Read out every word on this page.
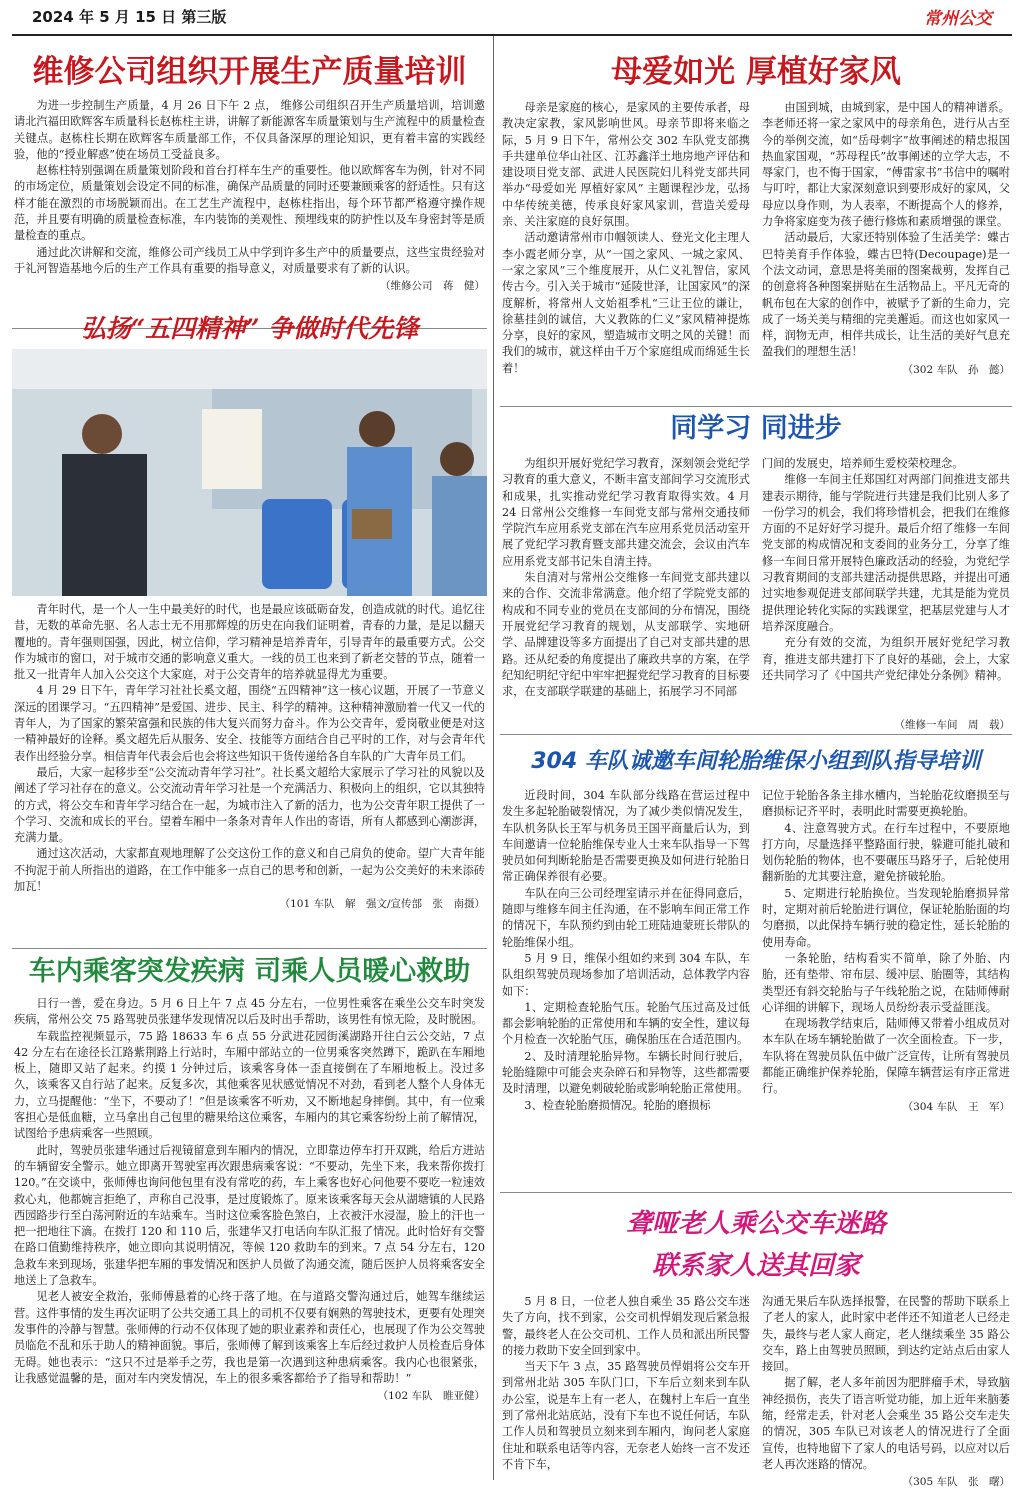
2024 年 5 月 15 日 第三版	常州公交
维修公司组织开展生产质量培训

为进一步控制生产质量，4 月 26 日下午 2 点， 维修公司组织召开生产质量培训，培训邀请北汽福田欧辉客车质量科长赵栋柱主讲，讲解了新能源客车质量策划与生产流程中的质量检查关键点。赵栋柱长期在欧辉客车质量部工作，不仅具备深厚的理论知识，更有着丰富的实践经验，他的“授业解惑”使在场员工受益良多。

赵栋柱特别强调在质量策划阶段和首台打样车生产的重要性。他以欧辉客车为例，针对不同的市场定位，质量策划会设定不同的标准，确保产品质量的同时还要兼顾乘客的舒适性。只有这样才能在激烈的市场脱颖而出。在工艺生产流程中，赵栋柱指出，每个环节都严格遵守操作规范，并且要有明确的质量检查标准，车内装饰的美观性、预埋线束的防护性以及车身密封等是质量检查的重点。

通过此次讲解和交流，维修公司产线员工从中学到许多生产中的质量要点，这些宝贵经验对于礼河智造基地今后的生产工作具有重要的指导意义，对质量要求有了新的认识。

（维修公司　蒋　健）
弘扬“五四精神” 争做时代先锋

青年时代，是一个人一生中最美好的时代，也是最应该砥砺奋发，创造成就的时代。追忆往昔，无数的革命先驱、名人志士无不用那辉煌的历史在向我们证明着，青春的力量，是足以翻天覆地的。青年强则国强，因此，树立信仰，学习精神是培养青年，引导青年的最重要方式。公交作为城市的窗口，对于城市交通的影响意义重大。一线的员工也来到了新老交替的节点，随着一批又一批青年人加入公交这个大家庭，对于公交青年的培养就显得尤为重要。

4 月 29 日下午，青年学习社社长奚文超，围绕“五四精神”这一核心议题，开展了一节意义深远的团课学习。“五四精神”是爱国、进步、民主、科学的精神。这种精神激励着一代又一代的青年人，为了国家的繁荣富强和民族的伟大复兴而努力奋斗。作为公交青年，爱岗敬业便是对这一精神最好的诠释。奚文超先后从服务、安全、技能等方面结合自己平时的工作，对与会青年代表作出经验分享。相信青年代表会后也会将这些知识干货传递给各自车队的广大青年员工们。

最后，大家一起移步至“公交流动青年学习社”。社长奚文超给大家展示了学习社的风貌以及阐述了学习社存在的意义。公交流动青年学习社是一个充满活力、积极向上的组织，它以其独特的方式，将公交车和青年学习结合在一起，为城市注入了新的活力，也为公交青年职工提供了一个学习、交流和成长的平台。望着车厢中一条条对青年人作出的寄语，所有人都感到心潮澎湃，充满力量。

通过这次活动，大家都直观地理解了公交这份工作的意义和自己肩负的使命。望广大青年能不拘泥于前人所指出的道路，在工作中能多一点自己的思考和创新，一起为公交美好的未来添砖加瓦！

（101 车队　解　强文/宣传部　张　南摄）
车内乘客突发疾病 司乘人员暖心救助

日行一善，爱在身边。5 月 6 日上午 7 点 45 分左右，一位男性乘客在乘坐公交车时突发疾病，常州公交 75 路驾驶员张建华发现情况以后及时出手帮助，该男性有惊无险，及时脱困。

车载监控视频显示，75 路 18633 车 6 点 55 分武进花园街溪湖路开往白云公交站，7 点 42 分左右在途径长江路紫荆路上行站时，车厢中部站立的一位男乘客突然蹲下，跪趴在车厢地板上，随即又站了起来。约摸 1 分钟过后，该乘客身体一歪直接倒在了车厢地板上。没过多久，该乘客又自行站了起来。反复多次，其他乘客见状感觉情况不对劲，看到老人整个人身体无力，立马提醒他：“坐下，不要动了！”但是该乘客不听劝，又不断地起身摔倒。其中，有一位乘客担心是低血糖，立马拿出自己包里的糖果给这位乘客，车厢内的其它乘客纷纷上前了解情况，试图给予患病乘客一些照顾。

此时，驾驶员张建华通过后视镜留意到车厢内的情况，立即靠边停车打开双跳，给后方进站的车辆留安全警示。她立即离开驾驶室再次跟患病乘客说：“不要动，先坐下来，我来帮你拨打 120。”在交谈中，张师傅也询问他包里有没有常吃的药，车上乘客也好心问他要不要吃一粒速效救心丸，他都婉言拒绝了，声称自己没事，是过度锻炼了。原来该乘客每天会从湖塘镇的人民路西园路步行至白荡河附近的车站乘车。当时这位乘客脸色煞白，上衣被汗水浸湿，脸上的汗也一把一把地往下滴。在拨打 120 和 110 后，张建华又打电话向车队汇报了情况。此时恰好有交警在路口值勤维持秩序，她立即向其说明情况，等候 120 救助车的到来。7 点 54 分左右，120 急救车来到现场，张建华把车厢的事发情况和医护人员做了沟通交流，随后医护人员将乘客安全地送上了急救车。

见老人被安全救治，张师傅悬着的心终于落了地。在与道路交警沟通过后，她驾车继续运营。这件事情的发生再次证明了公共交通工具上的司机不仅要有娴熟的驾驶技术，更要有处理突发事件的冷静与智慧。张师傅的行动不仅体现了她的职业素养和责任心，也展现了作为公交驾驶员临危不乱和乐于助人的精神面貌。事后，张师傅了解到该乘客上车后经过救护人员检查后身体无碍。她也表示：“这只不过是举手之劳，我也是第一次遇到这种患病乘客。我内心也很紧张，让我感觉温馨的是，面对车内突发情况，车上的很多乘客都给予了指导和帮助！”

（102 车队　睢亚健）
母爱如光 厚植好家风

母亲是家庭的核心，是家风的主要传承者，母教决定家教，家风影响世风。母亲节即将来临之际，5 月 9 日下午，常州公交 302 车队党支部携手共建单位华山社区、江苏鑫洋土地房地产评估和建设项目党支部、武进人民医院妇儿科党支部共同举办“母爱如光 厚植好家风” 主题课程沙龙，弘扬中华传统美德，传承良好家风家训，营造关爱母亲、关注家庭的良好氛围。

活动邀请常州市巾帼领读人、登光文化主理人李小霞老师分享，从“一国之家风、一城之家风、一家之家风”三个维度展开，从仁义礼智信，家风传古今。引入关于城市“延陵世泽，让国家风”的深度解析，将常州人文始祖季札“三让王位的谦让，徐墓挂剑的诚信，大义教陈的仁义”家风精神提炼分享，良好的家风，塑造城市文明之风的关键！而我们的城市，就这样由千万个家庭组成而绵延生长着！

由国到城，由城到家，是中国人的精神谱系。李老师还将一家之家风中的母亲角色，进行从古至今的举例交流，如“岳母刺字”故事阐述的精忠报国热血家国观，“苏母程氏”故事阐述的立学大志，不辱家门，也不悔于国家，“傅雷家书”书信中的嘱咐与叮咛，都让大家深刻意识到要形成好的家风，父母应以身作则，为人表率，不断提高个人的修养，力争将家庭变为孩子德行修炼和素质增强的课堂。

活动最后，大家还特别体验了生活美学：蝶古巴特美育手作体验，蝶古巴特(Decoupage)是一个法文动词，意思是将美丽的图案裁剪，发挥自己的创意将各种图案拼贴在生活物品上。平凡无奇的帆布包在大家的创作中，被赋予了新的生命力，完成了一场关美与精细的完美邂逅。而这也如家风一样，润物无声，相伴共成长，让生活的美好气息充盈我们的理想生活！

（302 车队　孙　懿）
同学习 同进步

为组织开展好党纪学习教育，深刻领会党纪学习教育的重大意义，不断丰富支部间学习交流形式和成果，扎实推动党纪学习教育取得实效。4 月 24 日常州公交维修一车间党支部与常州交通技师学院汽车应用系党支部在汽车应用系党员活动室开展了党纪学习教育暨支部共建交流会，会议由汽车应用系党支部书记朱自清主持。

朱自清对与常州公交维修一车间党支部共建以来的合作、交流非常满意。他介绍了学院党支部的构成和不同专业的党员在支部间的分布情况，围绕开展党纪学习教育的规划，从支部联学、实地研学、品牌建设等多方面提出了自己对支部共建的思路。还从纪委的角度提出了廉政共享的方案，在学纪知纪明纪守纪中牢牢把握党纪学习教育的目标要求，在支部联学联建的基础上，拓展学习不同部

门间的发展史，培养师生爱校荣校理念。

维修一车间主任郑国红对两部门间推进支部共建表示期待，能与学院进行共建是我们比别人多了一份学习的机会，我们将珍惜机会，把我们在维修方面的不足好好学习提升。最后介绍了维修一车间党支部的构成情况和支委间的业务分工，分享了维修一车间日常开展特色廉政活动的经验，为党纪学习教育期间的支部共建活动提供思路，并提出可通过实地参观促进支部间联学共建，尤其是能为党员提供理论转化实际的实践课堂，把基层党建与人才培养深度融合。

充分有效的交流，为组织开展好党纪学习教育，推进支部共建打下了良好的基础，会上，大家还共同学习了《中国共产党纪律处分条例》精神。

（维修一车间　周　载）
304 车队诚邀车间轮胎维保小组到队指导培训

近段时间，304 车队部分线路在营运过程中发生多起轮胎破裂情况，为了减少类似情况发生，车队机务队长王军与机务员王国平商量后认为，到车间邀请一位轮胎维保专业人士来车队指导一下驾驶员如何判断轮胎是否需要更换及如何进行轮胎日常正确保养很有必要。

车队在向三公司经理室请示并在征得同意后，随即与维修车间主任沟通，在不影响车间正常工作的情况下，车队预约到由轮工班陆迪蒙班长带队的轮胎维保小组。

5 月 9 日，维保小组如约来到 304 车队，车队组织驾驶员现场参加了培训活动，总体教学内容如下：

1、定期检查轮胎气压。轮胎气压过高及过低都会影响轮胎的正常使用和车辆的安全性，建议每个月检查一次轮胎气压，确保胎压在合适范围内。

2、及时清理轮胎异物。车辆长时间行驶后，轮胎缝隙中可能会夹杂碎石和异物等，这些都需要及时清理，以避免刺破轮胎或影响轮胎正常使用。

3、检查轮胎磨损情况。轮胎的磨损标

记位于轮胎各条主排水槽内，当轮胎花纹磨损至与磨损标记齐平时，表明此时需要更换轮胎。

4、注意驾驶方式。在行车过程中，不要原地打方向，尽量选择平整路面行驶，躲避可能扎破和划伤轮胎的物体，也不要碾压马路牙子，后轮使用翻新胎的尤其要注意，避免挤破轮胎。

5、定期进行轮胎换位。当发现轮胎磨损异常时，定期对前后轮胎进行调位，保证轮胎胎面的均匀磨损，以此保持车辆行驶的稳定性，延长轮胎的使用寿命。

一条轮胎，结构看实不简单，除了外胎、内胎，还有垫带、帘布层、缓冲层、胎圈等，其结构类型还有斜交轮胎与子午线轮胎之说，在陆师傅耐心详细的讲解下，现场人员纷纷表示受益匪浅。

在现场教学结束后，陆师傅又带着小组成员对本车队在场车辆轮胎做了一次全面检查。下一步，车队将在驾驶员队伍中做广泛宣传，让所有驾驶员都能正确维护保养轮胎，保障车辆营运有序正常进行。

（304 车队　王　军）
聋哑老人乘公交车迷路
联系家人送其回家

5 月 8 日，一位老人独自乘坐 35 路公交车迷失了方向，找不到家，公交司机悍娟发现后紧急报警，最终老人在公交司机、工作人员和派出所民警的接力救助下安全回到家中。

当天下午 3 点，35 路驾驶员悍娟将公交车开到常州北站 305 车队门口，下车后立刻来到车队办公室，说是车上有一老人，在魏村上车后一直坐到了常州北站底站，没有下车也不说任何话，车队工作人员和驾驶员立刻来到车厢内，询问老人家庭住址和联系电话等内容，无奈老人始终一言不发还不肯下车，

沟通无果后车队选择报警，在民警的帮助下联系上了老人的家人，此时家中老伴还不知道老人已经走失，最终与老人家人商定，老人继续乘坐 35 路公交车，路上由驾驶员照顾，到达约定站点后由家人接回。

据了解，老人多年前因为肥胖瘤手术，导致脑神经损伤，丧失了语言听觉功能，加上近年来脑萎缩，经常走丢，针对老人会乘坐 35 路公交车走失的情况，305 车队已对该老人的情况进行了全面宣传，也特地留下了家人的电话号码，以应对以后老人再次迷路的情况。

（305 车队　张　曙）
